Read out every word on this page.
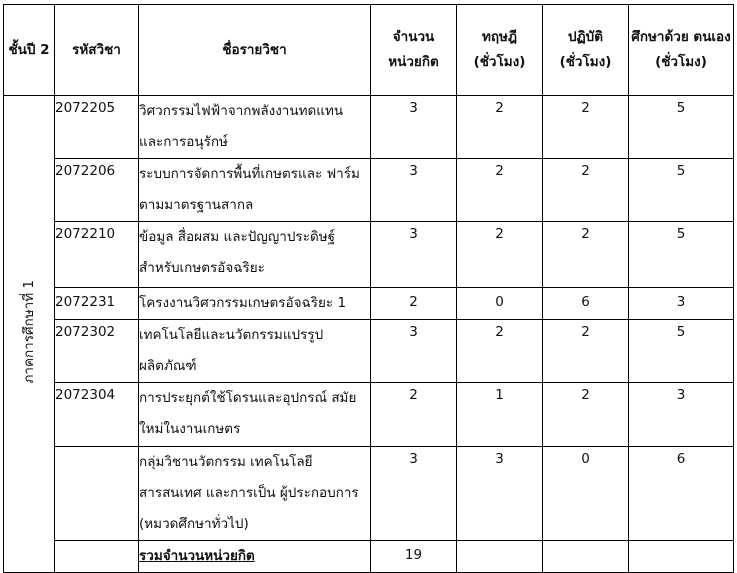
ชั้นปี 2	รหัสวิชา	ชื่อรายวิชา	จำนวน หน่วยกิต	ทฤษฎี (ชั่วโมง)	ปฏิบัติ (ชั่วโมง)	ศึกษาด้วย ตนเอง (ชั่วโมง)
ภาคการศึกษาที่ 1	2072205	วิศวกรรมไฟฟ้าจากพลังงานทดแทน และการอนุรักษ์	3	2	2	5
	2072206	ระบบการจัดการพื้นที่เกษตรและ ฟาร์มตามมาตรฐานสากล	3	2	2	5
	2072210	ข้อมูล สื่อผสม และปัญญาประดิษฐ์ สำหรับเกษตรอัจฉริยะ	3	2	2	5
	2072231	โครงงานวิศวกรรมเกษตรอัจฉริยะ 1	2	0	6	3
	2072302	เทคโนโลยีและนวัตกรรมแปรรูป ผลิตภัณฑ์	3	2	2	5
	2072304	การประยุกต์ใช้โดรนและอุปกรณ์ สมัยใหม่ในงานเกษตร	2	1	2	3
		กลุ่มวิชานวัตกรรม เทคโนโลยี สารสนเทศ และการเป็น ผู้ประกอบการ (หมวดศึกษาทั่วไป)	3	3	0	6
		รวมจำนวนหน่วยกิต	19			
